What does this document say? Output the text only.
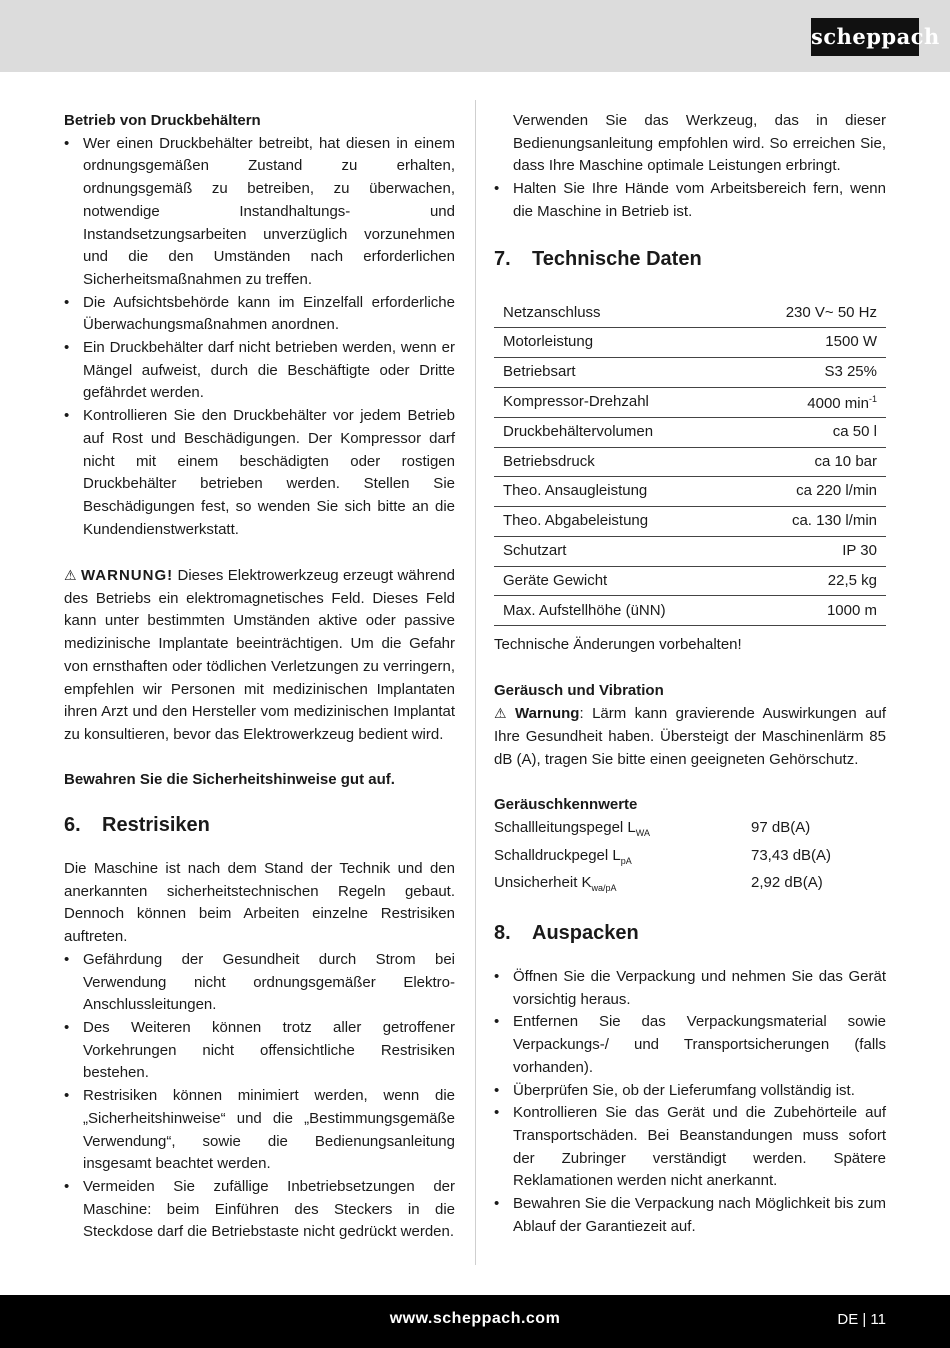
scheppach

Betrieb von Druckbehältern

• Wer einen Druckbehälter betreibt, hat diesen in einem ordnungsgemäßen Zustand zu erhalten, ordnungsgemäß zu betreiben, zu überwachen, notwendige Instandhaltungs- und Instandsetzungsarbeiten unverzüglich vorzunehmen und die den Umständen nach erforderlichen Sicherheitsmaßnahmen zu treffen.
• Die Aufsichtsbehörde kann im Einzelfall erforderliche Überwachungsmaßnahmen anordnen.
• Ein Druckbehälter darf nicht betrieben werden, wenn er Mängel aufweist, durch die Beschäftigte oder Dritte gefährdet werden.
• Kontrollieren Sie den Druckbehälter vor jedem Betrieb auf Rost und Beschädigungen. Der Kompressor darf nicht mit einem beschädigten oder rostigen Druckbehälter betrieben werden. Stellen Sie Beschädigungen fest, so wenden Sie sich bitte an die Kundendienstwerkstatt.

⚠ WARNUNG! Dieses Elektrowerkzeug erzeugt während des Betriebs ein elektromagnetisches Feld. Dieses Feld kann unter bestimmten Umständen aktive oder passive medizinische Implantate beeinträchtigen. Um die Gefahr von ernsthaften oder tödlichen Verletzungen zu verringern, empfehlen wir Personen mit medizinischen Implantaten ihren Arzt und den Hersteller vom medizinischen Implantat zu konsultieren, bevor das Elektrowerkzeug bedient wird.

Bewahren Sie die Sicherheitshinweise gut auf.

6. Restrisiken

Die Maschine ist nach dem Stand der Technik und den anerkannten sicherheitstechnischen Regeln gebaut. Dennoch können beim Arbeiten einzelne Restrisiken auftreten.

• Gefährdung der Gesundheit durch Strom bei Verwendung nicht ordnungsgemäßer Elektro-Anschlussleitungen.
• Des Weiteren können trotz aller getroffener Vorkehrungen nicht offensichtliche Restrisiken bestehen.
• Restrisiken können minimiert werden, wenn die „Sicherheitshinweise“ und die „Bestimmungsgemäße Verwendung“, sowie die Bedienungsanleitung insgesamt beachtet werden.
• Vermeiden Sie zufällige Inbetriebsetzungen der Maschine: beim Einführen des Steckers in die Steckdose darf die Betriebstaste nicht gedrückt werden.
Verwenden Sie das Werkzeug, das in dieser Bedienungsanleitung empfohlen wird. So erreichen Sie, dass Ihre Maschine optimale Leistungen erbringt.
• Halten Sie Ihre Hände vom Arbeitsbereich fern, wenn die Maschine in Betrieb ist.
7. Technische Daten
Netzanschluss	230 V~ 50 Hz
Motorleistung	1500 W
Betriebsart	S3 25%
Kompressor-Drehzahl	4000 $\min^{-1}$
Druckbehältervolumen	ca 50 l
Betriebsdruck	ca 10 bar
Theo. Ansaugleistung	ca 220 l/min
Theo. Abgabeleistung	ca. 130 l/min
Schutzart	IP 30
Geräte Gewicht	22,5 kg
Max. Aufstellhöhe (üNN)	1000 m

Technische Änderungen vorbehalten!

Geräusch und Vibration

⚠ Warnung: Lärm kann gravierende Auswirkungen auf Ihre Gesundheit haben. Übersteigt der Maschinenlärm 85 dB (A), tragen Sie bitte einen geeigneten Gehörschutz.

Geräuschkennwerte

Schallleitungspegel $L_{WA}$	97 dB(A)
Schalldruckpegel $L_{pA}$	73,43 dB(A)
Unsicherheit $K_{wa/pA}$	2,92 dB(A)
8. Auspacken
• Öffnen Sie die Verpackung und nehmen Sie das Gerät vorsichtig heraus.
• Entfernen Sie das Verpackungsmaterial sowie Verpackungs-/ und Transportsicherungen (falls vorhanden).
• Überprüfen Sie, ob der Lieferumfang vollständig ist.
• Kontrollieren Sie das Gerät und die Zubehörteile auf Transportschäden. Bei Beanstandungen muss sofort der Zubringer verständigt werden. Spätere Reklamationen werden nicht anerkannt.
• Bewahren Sie die Verpackung nach Möglichkeit bis zum Ablauf der Garantiezeit auf.
www.scheppach.com	DE | 11
